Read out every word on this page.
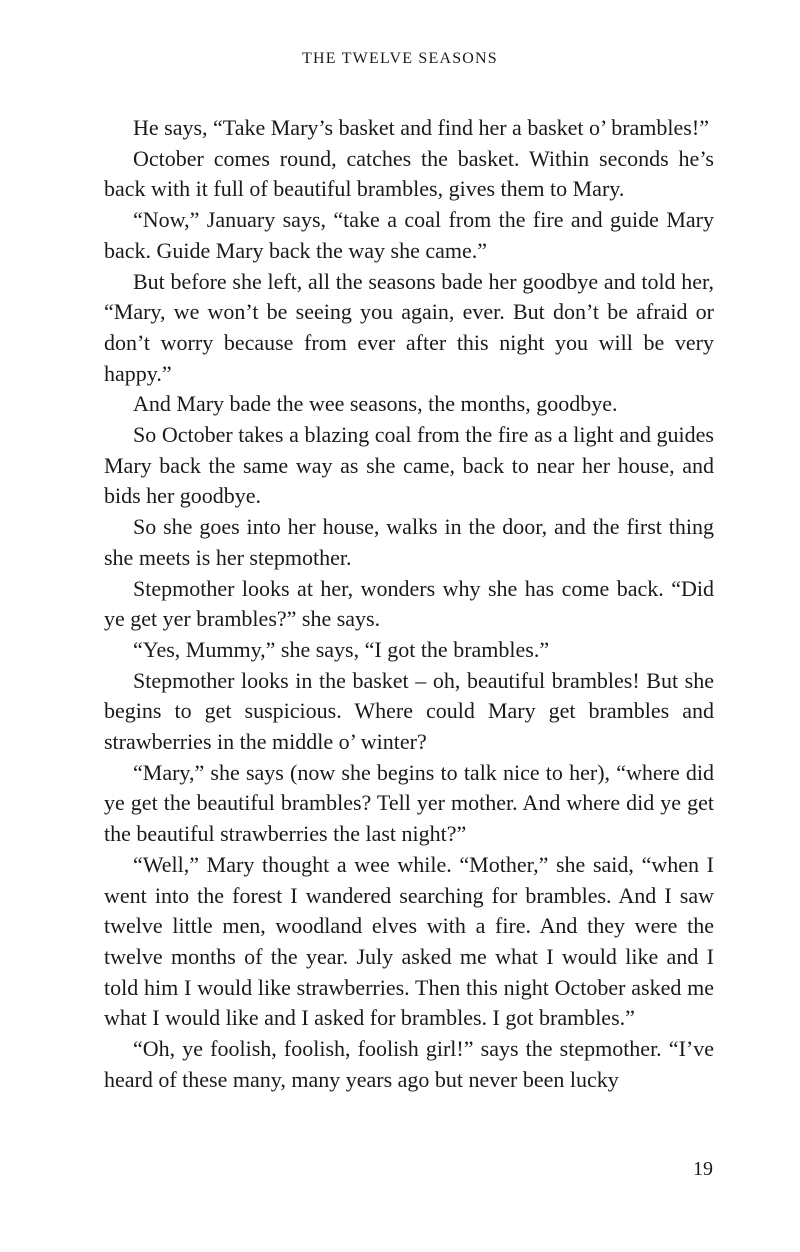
THE TWELVE SEASONS

He says, “Take Mary’s basket and find her a basket o’ brambles!”

October comes round, catches the basket. Within seconds he’s back with it full of beautiful brambles, gives them to Mary.

“Now,” January says, “take a coal from the fire and guide Mary back. Guide Mary back the way she came.”

But before she left, all the seasons bade her goodbye and told her, “Mary, we won’t be seeing you again, ever. But don’t be afraid or don’t worry because from ever after this night you will be very happy.”

And Mary bade the wee seasons, the months, goodbye.

So October takes a blazing coal from the fire as a light and guides Mary back the same way as she came, back to near her house, and bids her goodbye.

So she goes into her house, walks in the door, and the first thing she meets is her stepmother.

Stepmother looks at her, wonders why she has come back. “Did ye get yer brambles?” she says.

“Yes, Mummy,” she says, “I got the brambles.”

Stepmother looks in the basket – oh, beautiful brambles! But she begins to get suspicious. Where could Mary get brambles and strawberries in the middle o’ winter?

“Mary,” she says (now she begins to talk nice to her), “where did ye get the beautiful brambles? Tell yer mother. And where did ye get the beautiful strawberries the last night?”

“Well,” Mary thought a wee while. “Mother,” she said, “when I went into the forest I wandered searching for brambles. And I saw twelve little men, woodland elves with a fire. And they were the twelve months of the year. July asked me what I would like and I told him I would like strawberries. Then this night October asked me what I would like and I asked for brambles. I got brambles.”

“Oh, ye foolish, foolish, foolish girl!” says the stepmother. “I’ve heard of these many, many years ago but never been lucky

19
